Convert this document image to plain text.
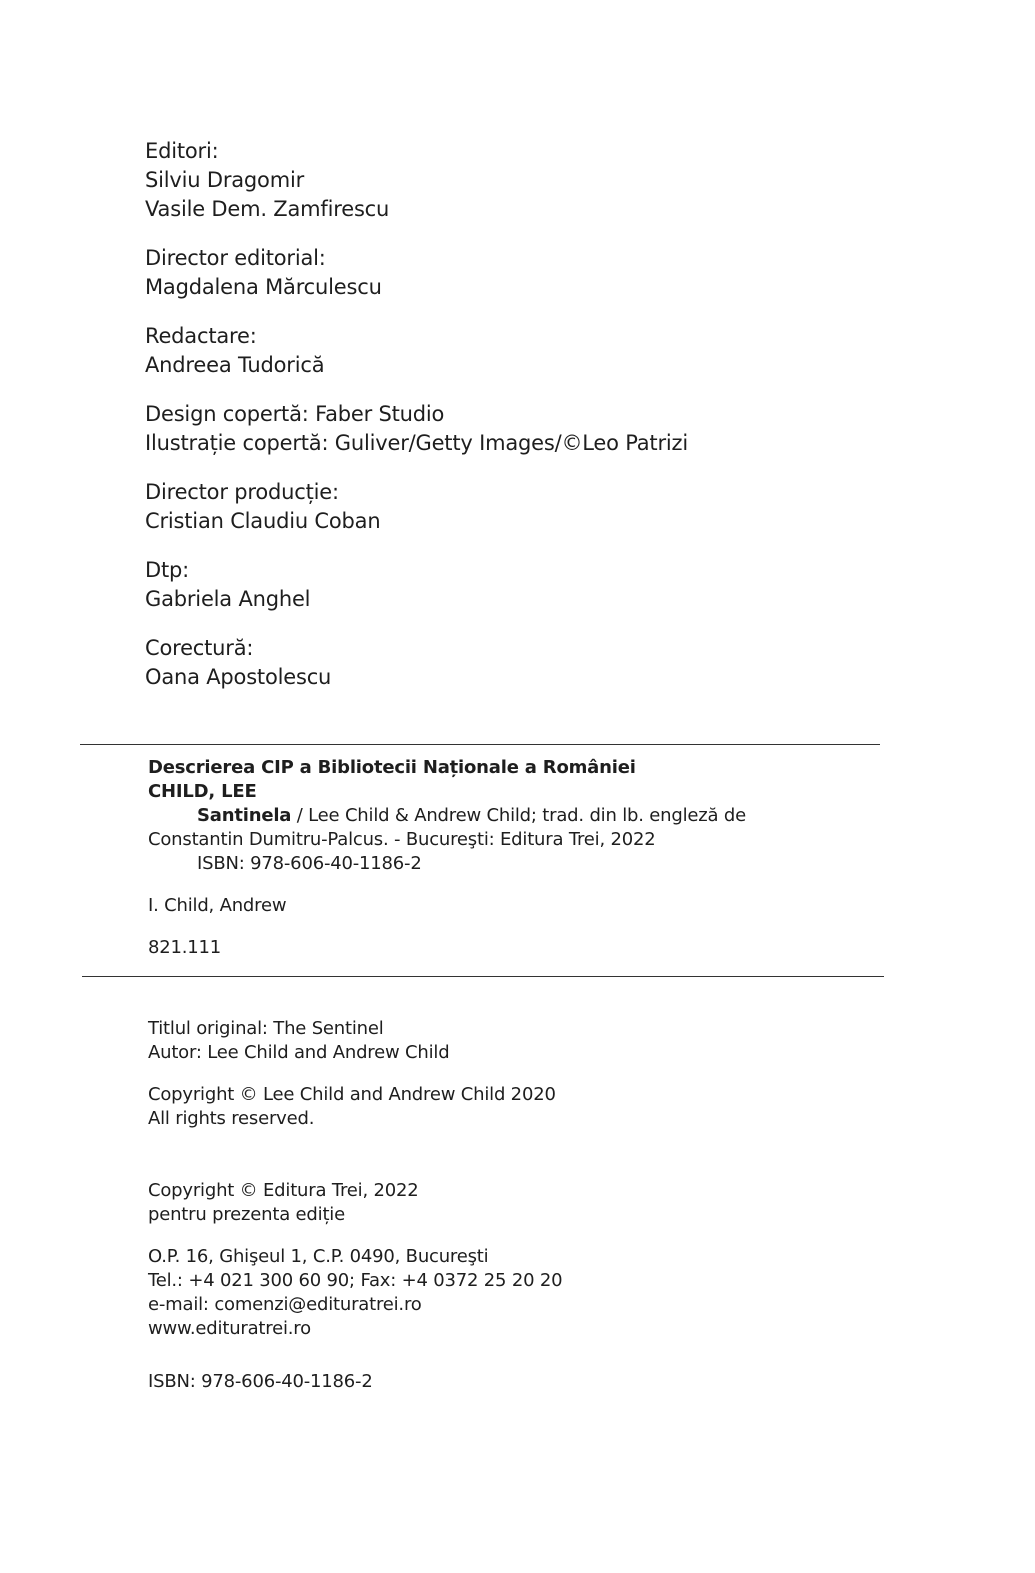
Editori:
Silviu Dragomir
Vasile Dem. Zamfirescu
Director editorial:
Magdalena Mărculescu
Redactare:
Andreea Tudorică
Design copertă: Faber Studio
Ilustrație copertă: Guliver/Getty Images/©Leo Patrizi
Director producție:
Cristian Claudiu Coban
Dtp:
Gabriela Anghel
Corectură:
Oana Apostolescu
Descrierea CIP a Bibliotecii Naționale a României
CHILD, LEE
Santinela / Lee Child & Andrew Child; trad. din lb. engleză de
Constantin Dumitru-Palcus. - Bucureşti: Editura Trei, 2022
ISBN: 978-606-40-1186-2
I. Child, Andrew
821.111
Titlul original: The Sentinel
Autor: Lee Child and Andrew Child
Copyright © Lee Child and Andrew Child 2020
All rights reserved.
Copyright © Editura Trei, 2022
pentru prezenta ediție
O.P. 16, Ghişeul 1, C.P. 0490, Bucureşti
Tel.: +4 021 300 60 90; Fax: +4 0372 25 20 20
e-mail: comenzi@edituratrei.ro
www.edituratrei.ro
ISBN: 978-606-40-1186-2
